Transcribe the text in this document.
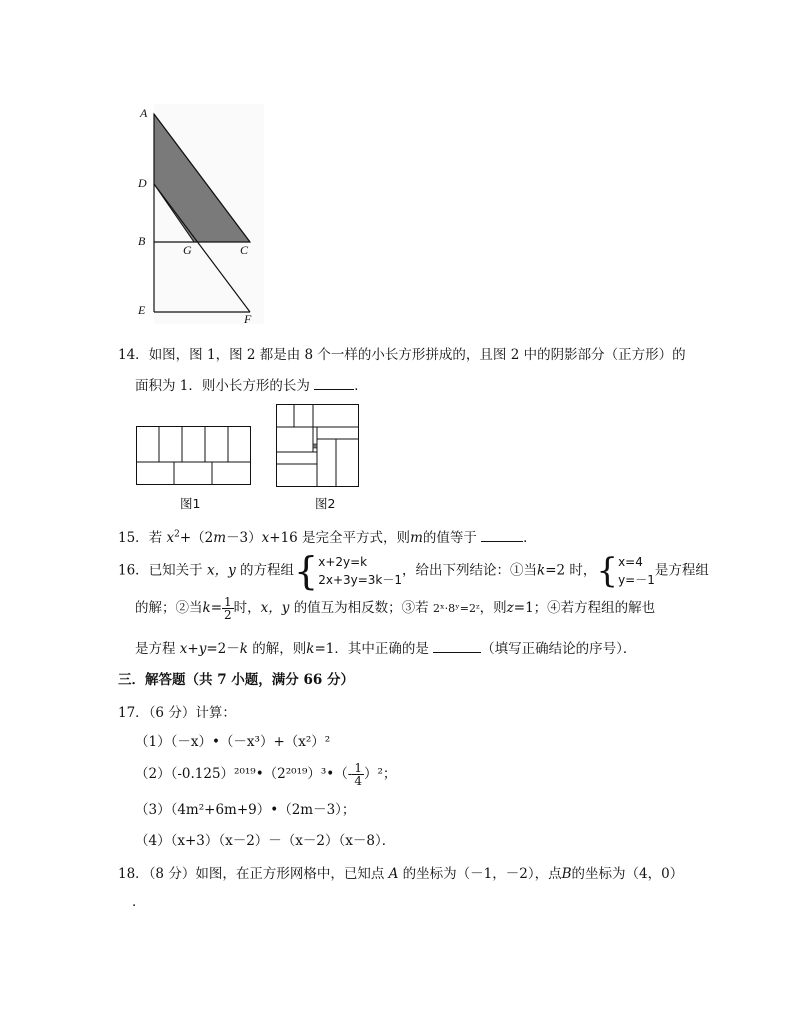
A
D
B
G	C
E
F
14．如图，图 1，图 2 都是由 8 个一样的小长方形拼成的，且图 2 中的阴影部分（正方形）的
面积为 1．则小长方形的长为	．
图1	图2
15．若 $x^2+(2m-3)x+16$ 是完全平方式，则m的值等于	．
16．已知关于 x，y 的方程组{ x+2y=k
2x+3y=3k－1
，给出下列结论：①当k=2 时，{ x=4
y=－1
是方程组
的解；②当$k= \frac{1}{2}$ 时，x，y 的值互为相反数；③若 2ˣ·8ʸ=2ᶻ，则z=1；④若方程组的解也
是方程 x+y=2－k 的解，则k=1．其中正确的是	（填写正确结论的序号）．
三．解答题（共 7 小题，满分 66 分）
17．（6 分）计算：
（1）（－x）•（－x³）+（x²）²
（2）（-0.125）²⁰¹⁹•（2²⁰¹⁹）³•（- $\frac{1}{4} )^2$；
（3）（4m²+6m+9）•（2m－3）；
（4）（x+3）（x－2）－（x－2）（x－8）．
18．（8 分）如图，在正方形网格中，已知点 A 的坐标为（－1，－2），点B的坐标为（4，0）
．
